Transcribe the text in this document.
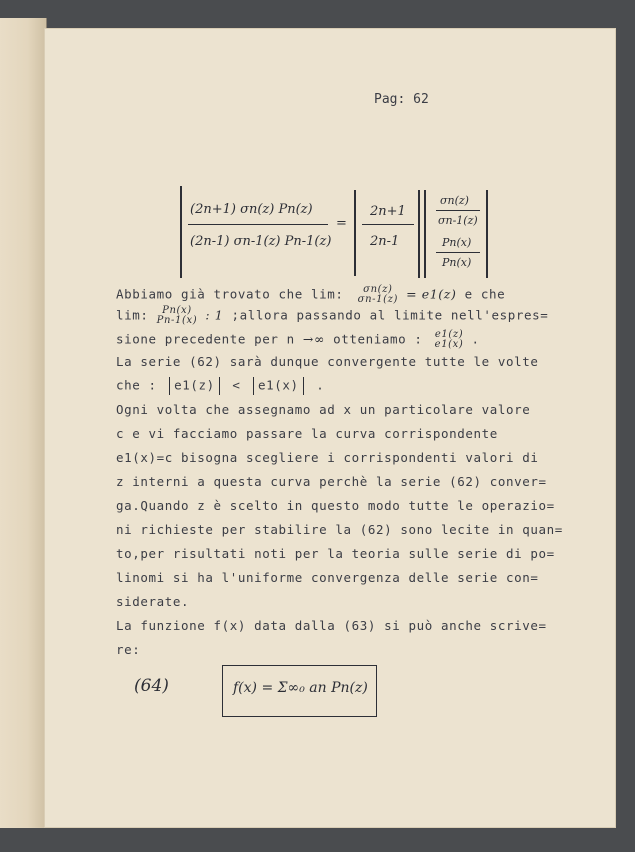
Pag: 62
(2n+1) σn(z) Pn(z)
(2n-1) σn-1(z) Pn-1(z)
=
2n+1
2n-1
σn(z)
σn-1(z)
Pn(x)
Pn(x)
Abbiamo già trovato che lim: σn(z)
σn-1(z) = e1(z) e che
lim: Pn(x)
Pn-1(x) : 1 ;allora passando al limite nell'espres=
sione precedente per n →∞ otteniamo : e1(z)
e1(x) .
La serie (62) sarà dunque convergente tutte le volte
che : e1(z) < e1(x) .
Ogni volta che assegnamo ad x un particolare valore
c e vi facciamo passare la curva corrispondente
e1(x)=c bisogna scegliere i corrispondenti valori di
z interni a questa curva perchè la serie (62) conver=
ga.Quando z è scelto in questo modo tutte le operazio=
ni richieste per stabilire la (62) sono lecite in quan=
to,per risultati noti per la teoria sulle serie di po=
linomi si ha l'uniforme convergenza delle serie con=
siderate.
La funzione f(x) data dalla (63) si può anche scrive=
re:
(64)	f(x) = Σ∞₀ an Pn(z)
